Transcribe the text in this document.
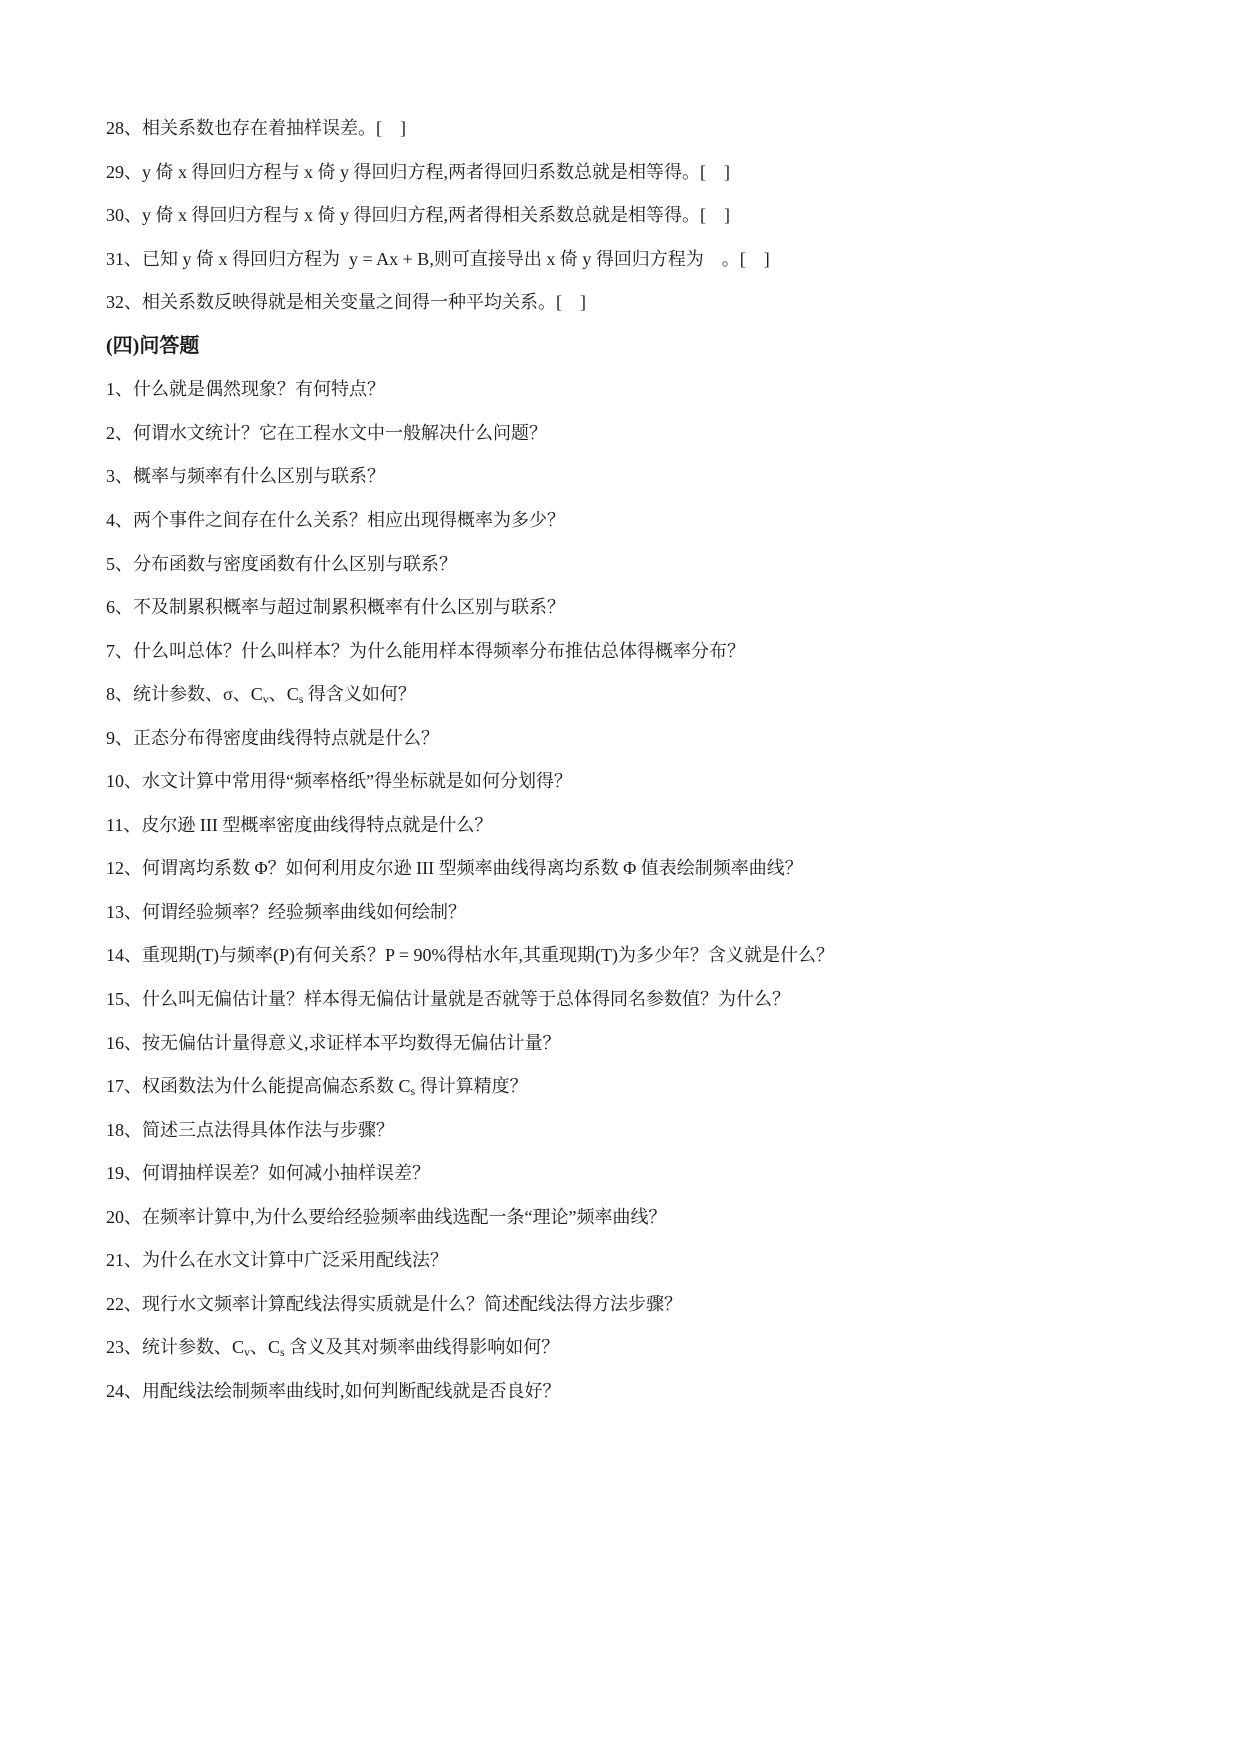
(四)问答题
28、相关系数也存在着抽样误差。[    ]
29、y 倚 x 得回归方程与 x 倚 y 得回归方程,两者得回归系数总就是相等得。[    ]
30、y 倚 x 得回归方程与 x 倚 y 得回归方程,两者得相关系数总就是相等得。[    ]
31、已知 y 倚 x 得回归方程为  y = Ax + B,则可直接导出 x 倚 y 得回归方程为    。[    ]
32、相关系数反映得就是相关变量之间得一种平均关系。[    ]
1、什么就是偶然现象？有何特点？
2、何谓水文统计？它在工程水文中一般解决什么问题？
3、概率与频率有什么区别与联系？
4、两个事件之间存在什么关系？相应出现得概率为多少？
5、分布函数与密度函数有什么区别与联系？
6、不及制累积概率与超过制累积概率有什么区别与联系？
7、什么叫总体？什么叫样本？为什么能用样本得频率分布推估总体得概率分布？
8、统计参数、σ、$C_v$、$C_s$ 得含义如何？
9、正态分布得密度曲线得特点就是什么？
10、水文计算中常用得“频率格纸”得坐标就是如何分划得？
11、皮尔逊 III 型概率密度曲线得特点就是什么？
12、何谓离均系数 Φ？如何利用皮尔逊 III 型频率曲线得离均系数 Φ 值表绘制频率曲线？
13、何谓经验频率？经验频率曲线如何绘制？
14、重现期(T)与频率(P)有何关系？P = 90%得枯水年,其重现期(T)为多少年？含义就是什么？
15、什么叫无偏估计量？样本得无偏估计量就是否就等于总体得同名参数值？为什么？
16、按无偏估计量得意义,求证样本平均数得无偏估计量？
17、权函数法为什么能提高偏态系数 $C_s$ 得计算精度？
18、简述三点法得具体作法与步骤？
19、何谓抽样误差？如何减小抽样误差？
20、在频率计算中,为什么要给经验频率曲线选配一条“理论”频率曲线？
21、为什么在水文计算中广泛采用配线法？
22、现行水文频率计算配线法得实质就是什么？简述配线法得方法步骤？
23、统计参数、$C_v$、$C_s$ 含义及其对频率曲线得影响如何？
24、用配线法绘制频率曲线时,如何判断配线就是否良好？
